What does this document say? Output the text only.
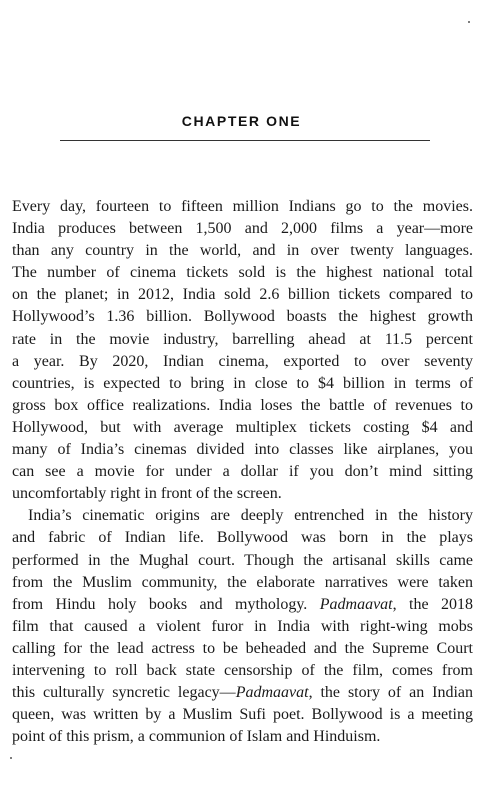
CHAPTER ONE
Every day, fourteen to fifteen million Indians go to the movies.
India produces between 1,500 and 2,000 films a year—more
than any country in the world, and in over twenty languages.
The number of cinema tickets sold is the highest national total
on the planet; in 2012, India sold 2.6 billion tickets compared to
Hollywood’s 1.36 billion. Bollywood boasts the highest growth
rate in the movie industry, barrelling ahead at 11.5 percent
a year. By 2020, Indian cinema, exported to over seventy
countries, is expected to bring in close to $4 billion in terms of
gross box office realizations. India loses the battle of revenues to
Hollywood, but with average multiplex tickets costing $4 and
many of India’s cinemas divided into classes like airplanes, you
can see a movie for under a dollar if you don’t mind sitting
uncomfortably right in front of the screen.
India’s cinematic origins are deeply entrenched in the history
and fabric of Indian life. Bollywood was born in the plays
performed in the Mughal court. Though the artisanal skills came
from the Muslim community, the elaborate narratives were taken
from Hindu holy books and mythology. Padmaavat, the 2018
film that caused a violent furor in India with right-wing mobs
calling for the lead actress to be beheaded and the Supreme Court
intervening to roll back state censorship of the film, comes from
this culturally syncretic legacy—Padmaavat, the story of an Indian
queen, was written by a Muslim Sufi poet. Bollywood is a meeting
point of this prism, a communion of Islam and Hinduism.
